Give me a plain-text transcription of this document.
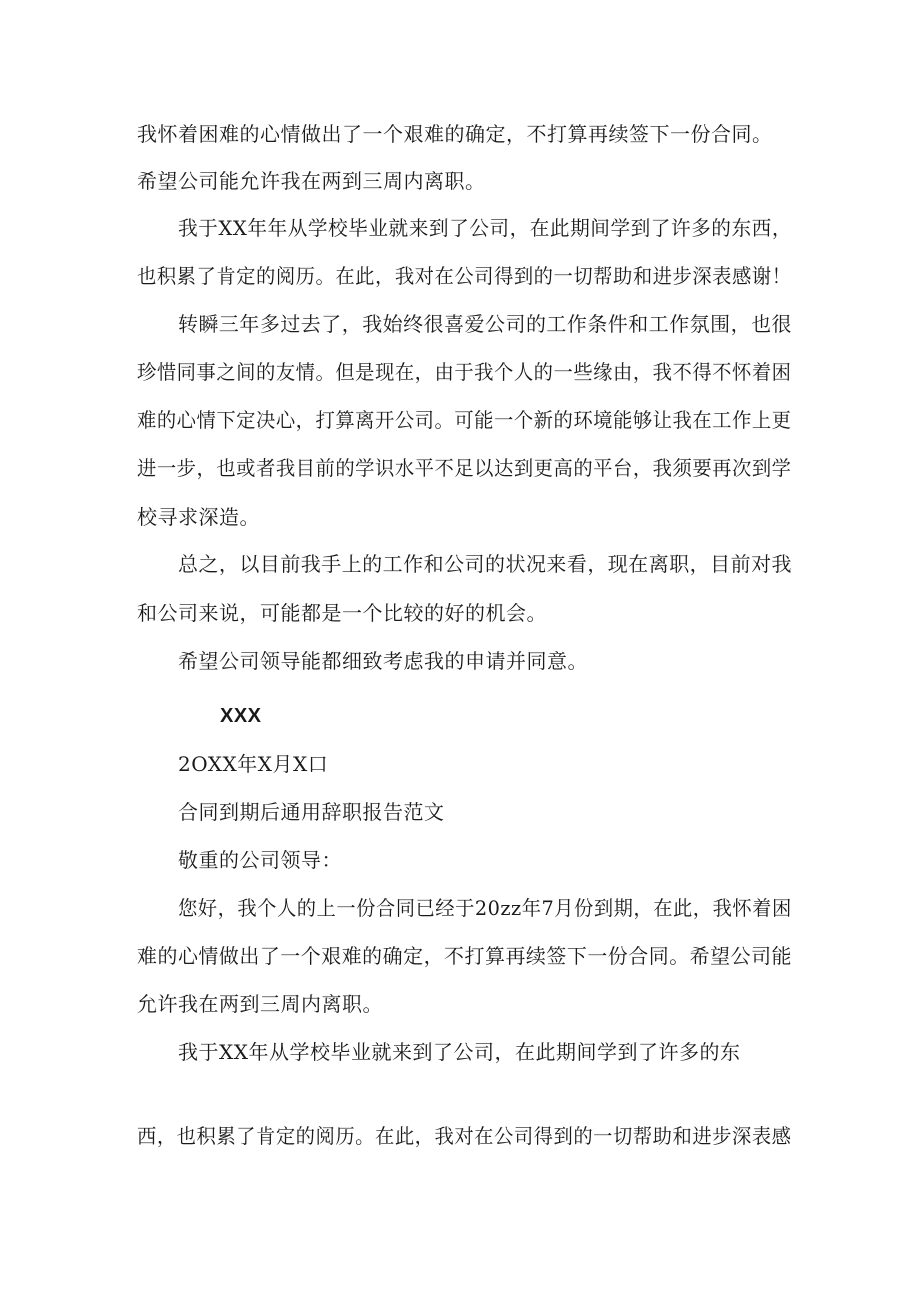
我怀着困难的心情做出了一个艰难的确定，不打算再续签下一份合同。
希望公司能允许我在两到三周内离职。
我于XX年年从学校毕业就来到了公司，在此期间学到了许多的东西，
也积累了肯定的阅历。在此，我对在公司得到的一切帮助和进步深表感谢！
转瞬三年多过去了，我始终很喜爱公司的工作条件和工作氛围，也很
珍惜同事之间的友情。但是现在，由于我个人的一些缘由，我不得不怀着困
难的心情下定决心，打算离开公司。可能一个新的环境能够让我在工作上更
进一步，也或者我目前的学识水平不足以达到更高的平台，我须要再次到学
校寻求深造。
总之，以目前我手上的工作和公司的状况来看，现在离职，目前对我
和公司来说，可能都是一个比较的好的机会。
希望公司领导能都细致考虑我的申请并同意。
XXX
2OXX年X月X口
合同到期后通用辞职报告范文
敬重的公司领导：
您好，我个人的上一份合同已经于20zz年7月份到期，在此，我怀着困
难的心情做出了一个艰难的确定，不打算再续签下一份合同。希望公司能
允许我在两到三周内离职。
我于XX年从学校毕业就来到了公司，在此期间学到了许多的东
西，也积累了肯定的阅历。在此，我对在公司得到的一切帮助和进步深表感
